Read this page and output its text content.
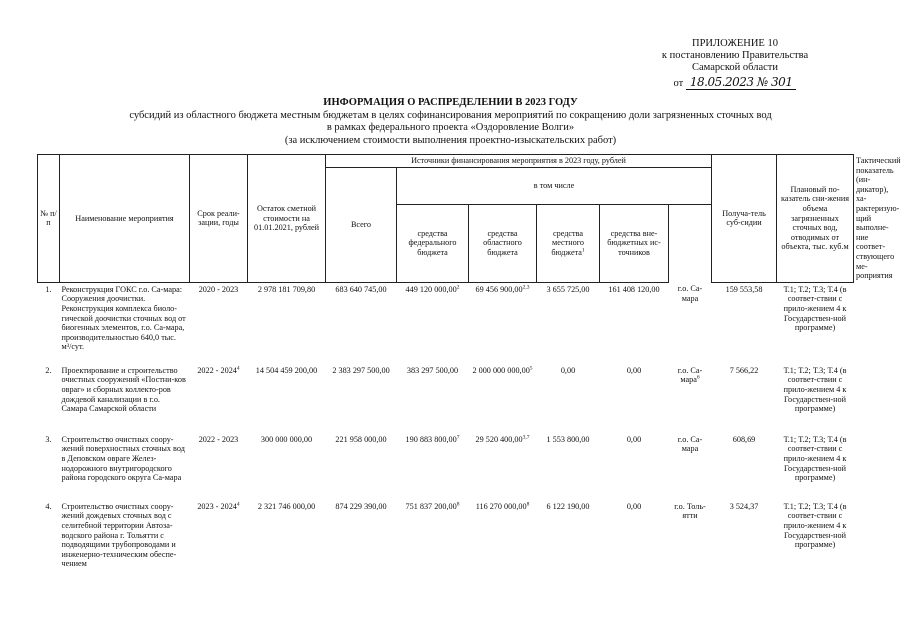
ПРИЛОЖЕНИЕ 10
к постановлению Правительства
Самарской области
от 18.05.2023 № 301
ИНФОРМАЦИЯ О РАСПРЕДЕЛЕНИИ В 2023 ГОДУ
субсидий из областного бюджета местным бюджетам в целях софинансирования мероприятий по сокращению доли загрязненных сточных вод
в рамках федерального проекта «Оздоровление Волги»
(за исключением стоимости выполнения проектно-изыскательских работ)
№ п/п	Наименование мероприятия	Срок реали-зации, годы	Остаток сметной стоимости на 01.01.2021, рублей	Источники финансирования мероприятия в 2023 году, рублей						Получа-тель суб-сидии	Плановый по-казатель сни-жения объема загрязненных сточных вод, отводимых от объекта, тыс. куб.м	Тактический показатель (ин-дикатор), ха-рактеризую-щий выполне-ние соответ-ствующего ме-роприятия
				Всего	в том числе							
					средства федерального бюджета	средства областного бюджета	средства местного бюджета$^1$	средства вне-бюджетных ис-точников				
1.	Реконструкция ГОКС г.о. Са-мара: Сооружения доочистки. Реконструкция комплекса биоло-гической доочистки сточных вод от биогенных элементов, г.о. Са-мара, производительностью 640,0 тыс. м³/сут.	2020 - 2023	2 978 181 709,80	683 640 745,00	449 120 000,00$^2$	69 456 900,00$^{2,3}$	3 655 725,00	161 408 120,00	г.о. Са-мара	159 553,58	Т.1; Т.2; Т.3; Т.4 (в соответ-ствии с прило-жением 4 к Государствен-ной программе)	
2.	Проектирование и строительство очистных сооружений «Постни-ков овраг» и сборных коллекто-ров дождевой канализации в г.о. Самара Самарской области	2022 - 2024$^4$	14 504 459 200,00	2 383 297 500,00	383 297 500,00	2 000 000 000,00$^5$	0,00	0,00	г.о. Са-мара$^6$	7 566,22	Т.1; Т.2; Т.3; Т.4 (в соответ-ствии с прило-жением 4 к Государствен-ной программе)	
3.	Строительство очистных соору-жений поверхностных сточных вод в Деповском овраге Желез-нодорожного внутригородского района городского округа Са-мара	2022 - 2023	300 000 000,00	221 958 000,00	190 883 800,00$^7$	29 520 400,00$^{3,7}$	1 553 800,00	0,00	г.о. Са-мара	608,69	Т.1; Т.2; Т.3; Т.4 (в соответ-ствии с прило-жением 4 к Государствен-ной программе)	
4.	Строительство очистных соору-жений дождевых сточных вод с селитебной территории Автоза-водского района г. Тольятти с подводящими трубопроводами и инженерно-техническим обеспе-чением	2023 - 2024$^4$	2 321 746 000,00	874 229 390,00	751 837 200,00$^8$	116 270 000,00$^8$	6 122 190,00	0,00	г.о. Толь-ятти	3 524,37	Т.1; Т.2; Т.3; Т.4 (в соответ-ствии с прило-жением 4 к Государствен-ной программе)	
